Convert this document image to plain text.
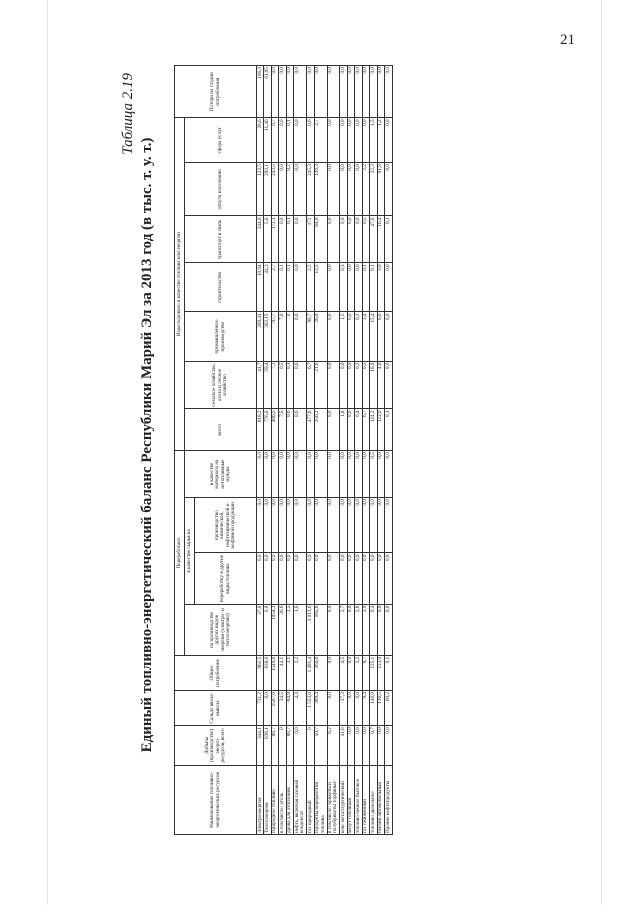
21
Таблица 2.19
Единый топливно-энергетический баланс Республики Марий Эл за 2013 год (в тыс. т. у. т.)
Наименование топливно-энергетических ресурсов	Добыча (производство) энерго-ресурсов, всего	Сальдо ввоза-вывоза	Общее потребление	Переработано				Израсходовано в качестве топлива или энергии							Потери на стадии потребления
				на производство других видов энергии (электро- и теплоэнергию)	в качестве сырья на		в качестве материала на нетопливные нужды	всего	сельское хозяйство, охота и лесное хозяйство	промышленное производство	строительство	транспорт и связь	отпуск населению	сфера услуг	
					переработку в другие виды топлива	производство химической, нефтехимической и нефтяной продукции									
Электроэнергия	344,1	731,2	961,5	37,0	0,0	0,0	0,0	818,2	41,7	269,41	10,94	344,0	123,5	28,6	106,3
Теплоэнергия	838,1	0,0	838,0	0,0	0,0	0,0	0,0	776,0	59,4	362,15	44,3	5,6	293,1	11,46	61,95
Природное топливо	88,7	1507,0	1540,8	1054,3	0,0	0,0	0,0	486,5	7,3	97,7	2,7	172,1	243,5	0,7	0,0
в том числе: уголь	0	34,5	44,1	36,6	0,0	0,0	0,0	7,5	0,5	7,0	0,1	0,0	0,0	0,0	0,0
дрова для отопления	88,7	-84,9	3,1	2,5	0,0	0,0	0,0	0,6	0,1	0	0,1	0,1	0,2	0,1	0,0
нефть, включая газовый конденсат	0,0	4,4	2,2	1,6	0,0	0,0	0,0	0,6	0,0	0,0	0,0	0,0	0,0	0,0	0,0
газ природный	0	1 553,0	1 491,4	1 013,6	0,0	0,0	0,0	477,8	6,7	90,7	2,5	172	245,3	0,6	0,0
Продукты переработки топлива	50,7	389,4	264,6	165,6	0,0	0,0	0,0	256,2	21,6	26,9	12,5	64,0	126,3	2,7	0,0
в том числе: брикеты и полубрикеты торфяные	8,2	0,0	0,0	0,0	0,0	0,0	0,0	0,0	0,0	0,0	0,0	0,0	0,0	0,0	0,0
кокс металлургический	41,8	-37,3	4,5	2,7	0,0	0,0	0,0	1,8	0,0	1,5	0,3	0,0	0,0	0,0	0,0
мазут топочный	0,0	0,0	0,0	0,0	0,0	0,0	0,0	0,0	0,0	0,0	0,0	0,0	0,0	0,0	0,0
топливо печное бытовое	0,0	0,0	3,2	2,8	0,0	0,0	0,0	0,4	0,2	0,2	0,0	0,0	0,0	0,0	0,0
газ сжиженный	0,0	9,4	8,7	2,0	0,0	0,0	0,0	6,7	0,5	3,4	0,1	0,5	2,2	0,0	0,0
топливо дизельное	0,7	146,0	125,1	0,4	0,0	0,0	0,5	124,2	18,9	15,4	9,1	47,0	32,3	1,5	0,0
бензин автомобильный	0,0	136,5	123,0	0,0	0,0	0,0	0,0	123,0	4,0	6,6	3,0	16,4	91,8	1,2	0,0
Прочие нефтепродукты	0,0	60,2	0,1	0,0	0,0	0,0	0,0	0,1	0,0	0,0	0,0	0,1	0,0	0,0	0,0
